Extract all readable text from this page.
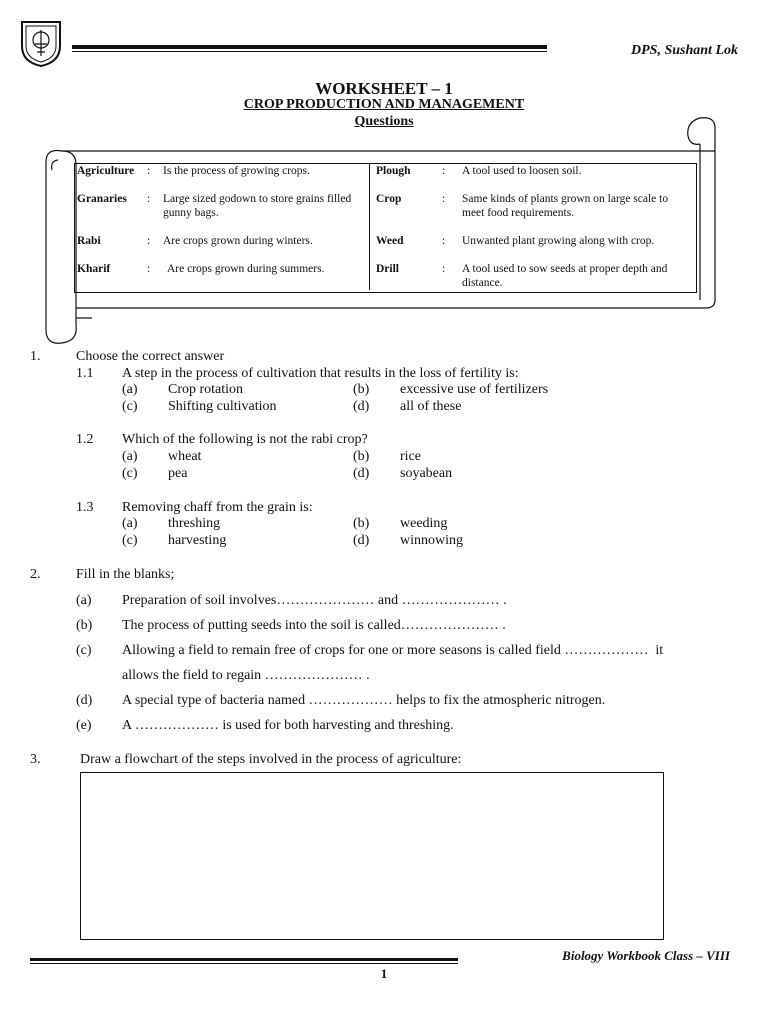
DPS, Sushant Lok
WORKSHEET – 1
CROP PRODUCTION AND MANAGEMENT
Questions
Agriculture	:	Is the process of growing crops.	Plough	:	A tool used to loosen soil.
Granaries	:	Large sized godown to store grains filled gunny bags.	Crop	:	Same kinds of plants grown on large scale to meet food requirements.
Rabi	:	Are crops grown during winters.	Weed	:	Unwanted plant growing along with crop.
Kharif	:	Are crops grown during summers.	Drill	:	A tool used to sow seeds at proper depth and distance.
1.	Choose the correct answer
1.1 A step in the process of cultivation that results in the loss of fertility is:
(a) Crop rotation	(b) excessive use of fertilizers
(c) Shifting cultivation	(d) all of these
1.2 Which of the following is not the rabi crop?
(a) wheat	(b) rice
(c) pea	(d) soyabean
1.3 Removing chaff from the grain is:
(a) threshing	(b) weeding
(c) harvesting	(d) winnowing
2.	Fill in the blanks;
(a) Preparation of soil involves………………… and ………………… .
(b) The process of putting seeds into the soil is called………………… .
(c) Allowing a field to remain free of crops for one or more seasons is called field ………………  it
allows the field to regain ………………… .
(d) A special type of bacteria named ……………… helps to fix the atmospheric nitrogen.
(e) A ……………… is used for both harvesting and threshing.
3.	Draw a flowchart of the steps involved in the process of agriculture:
Biology Workbook Class – VIII
1
